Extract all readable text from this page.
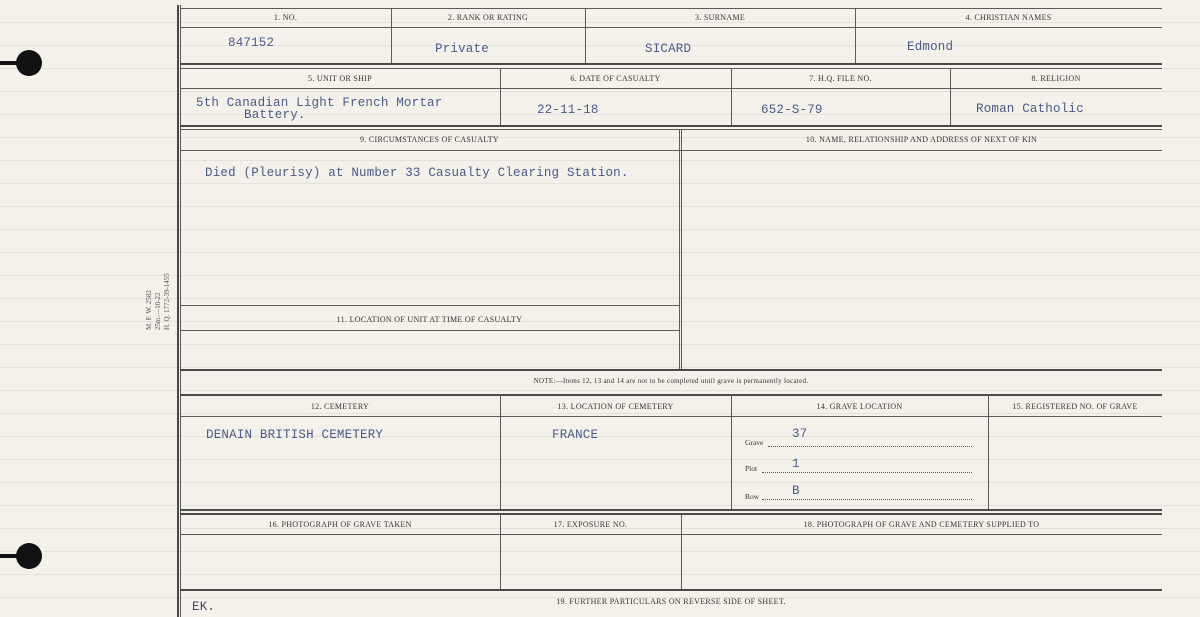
M. F. W. 2582 25m.—10-22 H. Q. 1772-39-1455
1. NO.	2. RANK OR RATING	3. SURNAME	4. CHRISTIAN NAMES
847152	Private	SICARD	Edmond
5. UNIT OR SHIP	6. DATE OF CASUALTY	7. H.Q. FILE NO.	8. RELIGION
5th Canadian Light French Mortar
Battery.	22-11-18	652-S-79	Roman Catholic
9. CIRCUMSTANCES OF CASUALTY	10. NAME, RELATIONSHIP AND ADDRESS OF NEXT OF KIN
Died (Pleurisy) at Number 33 Casualty Clearing Station.
11. LOCATION OF UNIT AT TIME OF CASUALTY
NOTE:—Items 12, 13 and 14 are not to be completed until grave is permanently located.
12. CEMETERY	13. LOCATION OF CEMETERY	14. GRAVE LOCATION	15. REGISTERED NO. OF GRAVE
DENAIN BRITISH CEMETERY	FRANCE
Grave
37
Plot	1
Row	B
16. PHOTOGRAPH OF GRAVE TAKEN	17. EXPOSURE NO.	18. PHOTOGRAPH OF GRAVE AND CEMETERY SUPPLIED TO
EK.	19. FURTHER PARTICULARS ON REVERSE SIDE OF SHEET.
